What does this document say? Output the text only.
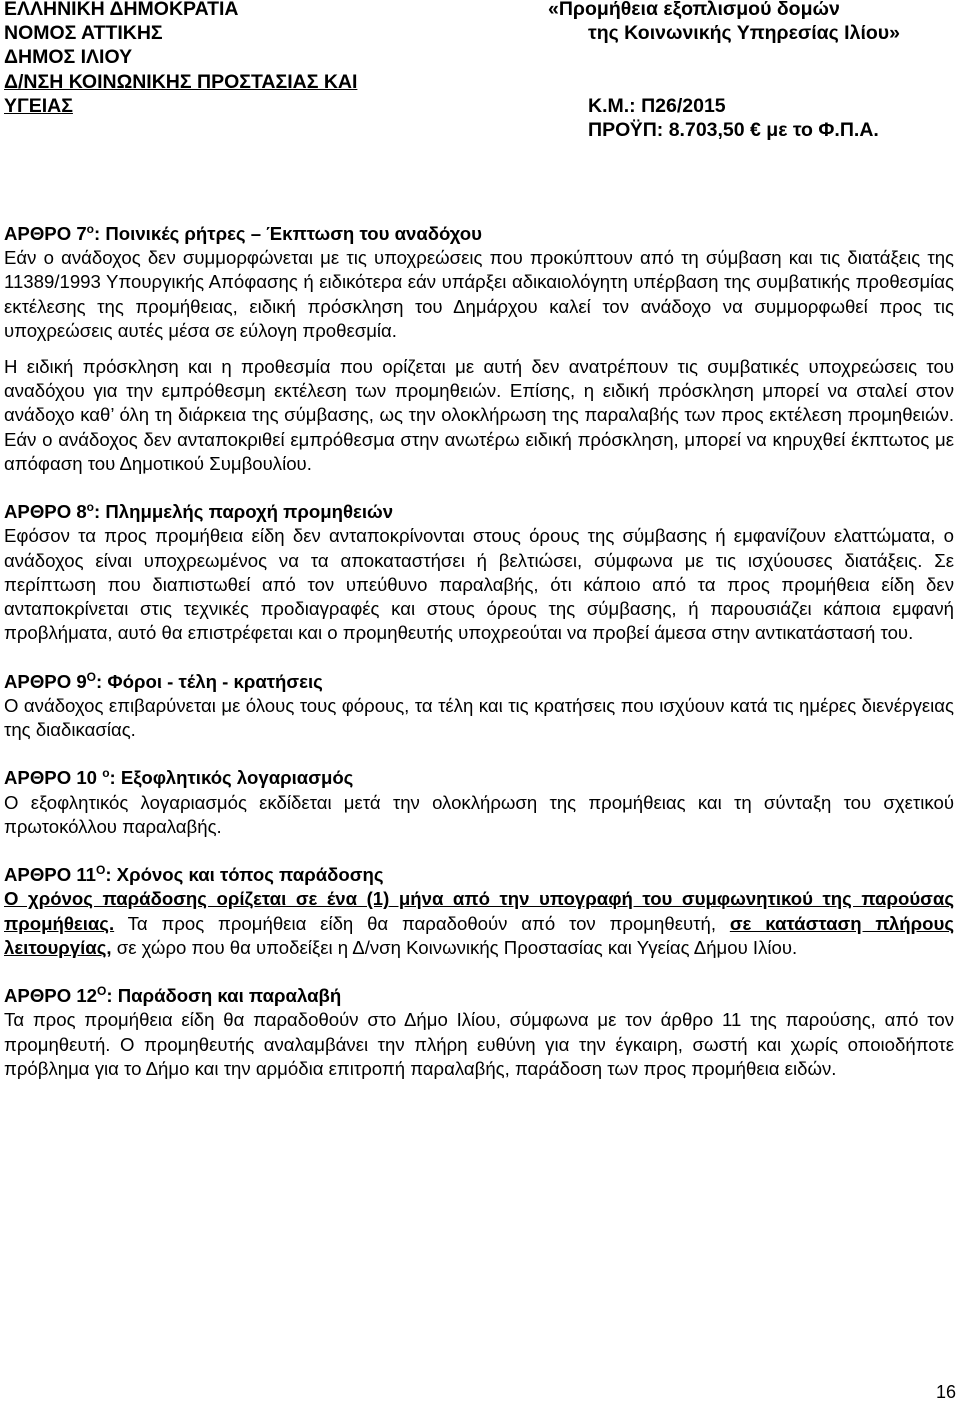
ΕΛΛΗΝΙΚΗ ΔΗΜΟΚΡΑΤΙΑ
ΝΟΜΟΣ ΑΤΤΙΚΗΣ
ΔΗΜΟΣ ΙΛΙΟΥ
Δ/ΝΣΗ ΚΟΙΝΩΝΙΚΗΣ ΠΡΟΣΤΑΣΙΑΣ ΚΑΙ
ΥΓΕΙΑΣ
«Προμήθεια εξοπλισμού δομών
της Κοινωνικής Υπηρεσίας Ιλίου»
Κ.Μ.: Π26/2015
ΠΡΟΫΠ: 8.703,50 € με το Φ.Π.Α.
ΑΡΘΡΟ $7^o$: Ποινικές ρήτρες – Έκπτωση του αναδόχου

Εάν ο ανάδοχος δεν συμμορφώνεται με τις υποχρεώσεις που προκύπτουν από τη σύμβαση και τις διατάξεις της 11389/1993 Υπουργικής Απόφασης ή ειδικότερα εάν υπάρξει αδικαιολόγητη υπέρβαση της συμβατικής προθεσμίας εκτέλεσης της προμήθειας, ειδική πρόσκληση του Δημάρχου καλεί τον ανάδοχο να συμμορφωθεί προς τις υποχρεώσεις αυτές μέσα σε εύλογη προθεσμία.

Η ειδική πρόσκληση και η προθεσμία που ορίζεται με αυτή δεν ανατρέπουν τις συμβατικές υποχρεώσεις του αναδόχου για την εμπρόθεσμη εκτέλεση των προμηθειών. Επίσης, η ειδική πρόσκληση μπορεί να σταλεί στον ανάδοχο καθ’ όλη τη διάρκεια της σύμβασης, ως την ολοκλήρωση της παραλαβής των προς εκτέλεση προμηθειών. Εάν ο ανάδοχος δεν ανταποκριθεί εμπρόθεσμα στην ανωτέρω ειδική πρόσκληση, μπορεί να κηρυχθεί έκπτωτος με απόφαση του Δημοτικού Συμβουλίου.

ΑΡΘΡΟ $8^o$: Πλημμελής παροχή προμηθειών

Εφόσον τα προς προμήθεια είδη δεν ανταποκρίνονται στους όρους της σύμβασης ή εμφανίζουν ελαττώματα, ο ανάδοχος είναι υποχρεωμένος να τα αποκαταστήσει ή βελτιώσει, σύμφωνα με τις ισχύουσες διατάξεις. Σε περίπτωση που διαπιστωθεί από τον υπεύθυνο παραλαβής, ότι κάποιο από τα προς προμήθεια είδη δεν ανταποκρίνεται στις τεχνικές προδιαγραφές και στους όρους της σύμβασης, ή παρουσιάζει κάποια εμφανή προβλήματα, αυτό θα επιστρέφεται και ο προμηθευτής υποχρεούται να προβεί άμεσα στην αντικατάστασή του.

ΑΡΘΡΟ $9^O$: Φόροι - τέλη - κρατήσεις

Ο ανάδοχος επιβαρύνεται με όλους τους φόρους, τα τέλη και τις κρατήσεις που ισχύουν κατά τις ημέρες διενέργειας της διαδικασίας.

ΑΡΘΡΟ 10 $^o$: Εξοφλητικός λογαριασμός

Ο εξοφλητικός λογαριασμός εκδίδεται μετά την ολοκλήρωση της προμήθειας και τη σύνταξη του σχετικού πρωτοκόλλου παραλαβής.

ΑΡΘΡΟ $11^O$: Χρόνος και τόπος παράδοσης

Ο χρόνος παράδοσης ορίζεται σε ένα (1) μήνα από την υπογραφή του συμφωνητικού της παρούσας προμήθειας. Τα προς προμήθεια είδη θα παραδοθούν από τον προμηθευτή, σε κατάσταση πλήρους λειτουργίας, σε χώρο που θα υποδείξει η Δ/νση Κοινωνικής Προστασίας και Υγείας Δήμου Ιλίου.

ΑΡΘΡΟ $12^O$: Παράδοση και παραλαβή

Τα προς προμήθεια είδη θα παραδοθούν στο Δήμο Ιλίου, σύμφωνα με τον άρθρο 11 της παρούσης, από τον προμηθευτή. Ο προμηθευτής αναλαμβάνει την πλήρη ευθύνη για την έγκαιρη, σωστή και χωρίς οποιοδήποτε πρόβλημα για το Δήμο και την αρμόδια επιτροπή παραλαβής, παράδοση των προς προμήθεια ειδών.

16
